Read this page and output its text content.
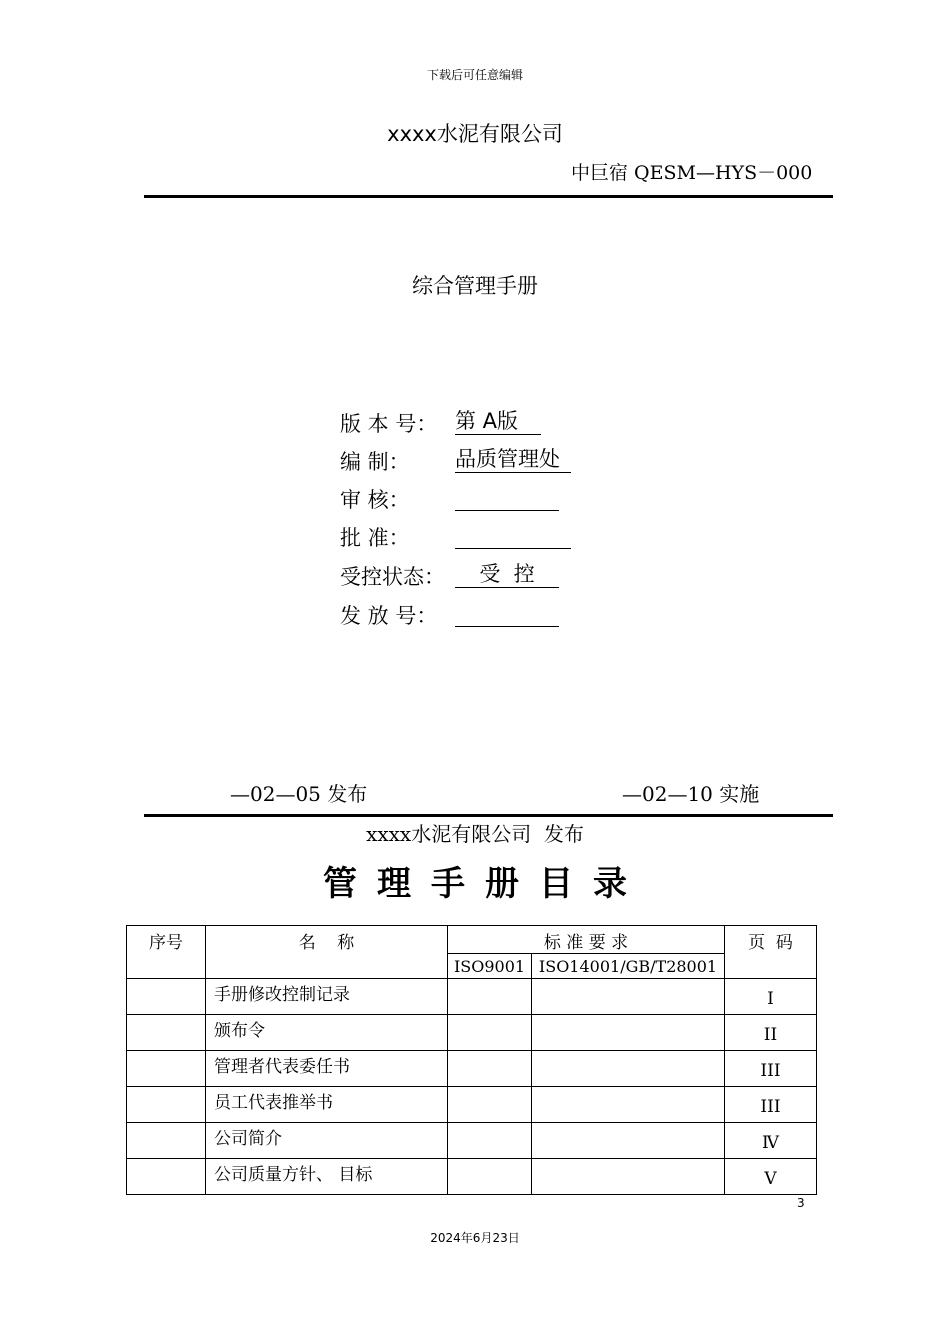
下载后可任意编辑
xxxx水泥有限公司
中巨宿 QESM—HYS－000
综合管理手册
版 本 号： 第 A版
编 制： 品质管理处
审 核：
批 准：
受控状态： 受  控
发 放 号：
—02—05 发布	—02—10 实施
xxxx水泥有限公司  发布
管理手册目录
序号	名    称	标 准 要 求		页  码
		ISO9001	ISO14001/GB/T28001	
	手册修改控制记录			I
	颁布令			II
	管理者代表委任书			III
	员工代表推举书			III
	公司简介			Ⅳ
	公司质量方针、 目标			V
3
2024年6月23日
